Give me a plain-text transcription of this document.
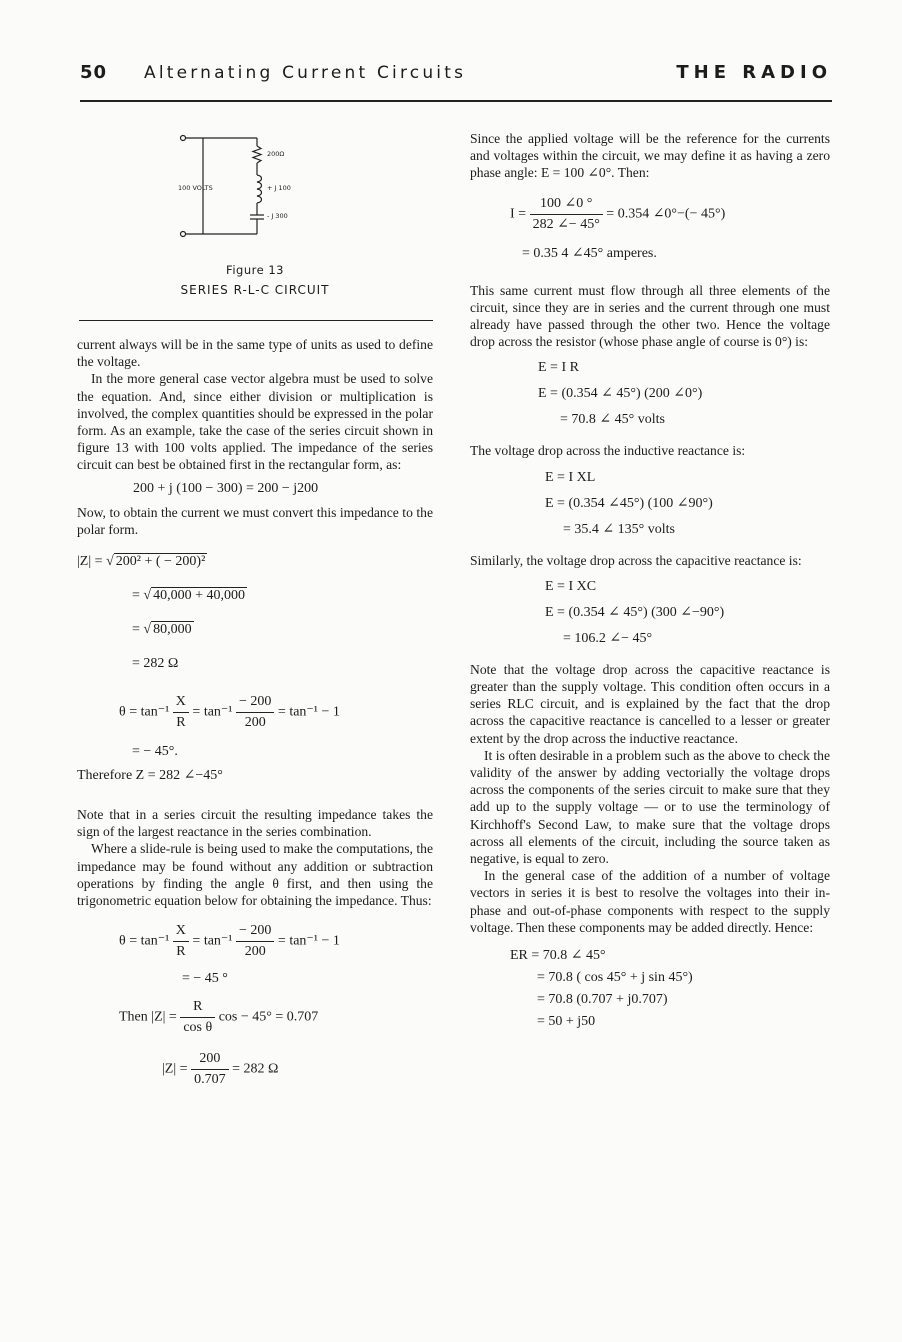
50 Alternating Current Circuits	THE RADIO
200Ω
100 VOLTS	+ J 100
- J 300
Figure 13
SERIES R-L-C CIRCUIT

current always will be in the same type of units as used to define the voltage.

In the more general case vector algebra must be used to solve the equation. And, since either division or multiplication is involved, the complex quantities should be expressed in the polar form. As an example, take the case of the series circuit shown in figure 13 with 100 volts applied. The impedance of the series circuit can best be obtained first in the rectangular form, as:

200 + j (100 − 300) = 200 − j200

Now, to obtain the current we must convert this impedance to the polar form.

|Z| = √ 200² + ( − 200)²
= √ 40,000 + 40,000
= √ 80,000
= 282 Ω
$\theta = \tan^{-1} \frac{X}{R} = \tan^{-1} \frac{- 200}{200} = \tan^{-1} - 1$
= − 45°.
Therefore Z = 282 ∠−45°

Note that in a series circuit the resulting impedance takes the sign of the largest reactance in the series combination.

Where a slide-rule is being used to make the computations, the impedance may be found without any addition or subtraction operations by finding the angle θ first, and then using the trigonometric equation below for obtaining the impedance. Thus:

$\theta = \tan^{-1} \frac{X}{R} = \tan^{-1} \frac{- 200}{200} = \tan^{-1} - 1$
= − 45 °
Then $|Z| = \frac{R}{\text{cos θ}}$ cos − 45° = 0.707
$|Z| = \frac{200}{0.707} = 282$ Ω

Since the applied voltage will be the reference for the currents and voltages within the circuit, we may define it as having a zero phase angle: E = 100 ∠0°. Then:

$I = \frac{100 \angle 0 ^\circ}{282 \angle- 45^\circ} = 0.354$ ∠0°−(− 45°)
= 0.35 4 ∠45° amperes.

This same current must flow through all three elements of the circuit, since they are in series and the current through one must already have passed through the other two. Hence the voltage drop across the resistor (whose phase angle of course is 0°) is:

E = I R
E = (0.354 ∠ 45°) (200 ∠0°)
= 70.8 ∠ 45° volts

The voltage drop across the inductive reactance is:

E = I XL
E = (0.354 ∠45°) (100 ∠90°)
= 35.4 ∠ 135° volts

Similarly, the voltage drop across the capacitive reactance is:

E = I XC
E = (0.354 ∠ 45°) (300 ∠−90°)
= 106.2 ∠− 45°

Note that the voltage drop across the capacitive reactance is greater than the supply voltage. This condition often occurs in a series RLC circuit, and is explained by the fact that the drop across the capacitive reactance is cancelled to a lesser or greater extent by the drop across the inductive reactance.

It is often desirable in a problem such as the above to check the validity of the answer by adding vectorially the voltage drops across the components of the series circuit to make sure that they add up to the supply voltage — or to use the terminology of Kirchhoff's Second Law, to make sure that the voltage drops across all elements of the circuit, including the source taken as negative, is equal to zero.

In the general case of the addition of a number of voltage vectors in series it is best to resolve the voltages into their in-phase and out-of-phase components with respect to the supply voltage. Then these components may be added directly. Hence:

ER = 70.8 ∠ 45°
= 70.8 ( cos 45° + j sin 45°)
= 70.8 (0.707 + j0.707)
= 50 + j50
